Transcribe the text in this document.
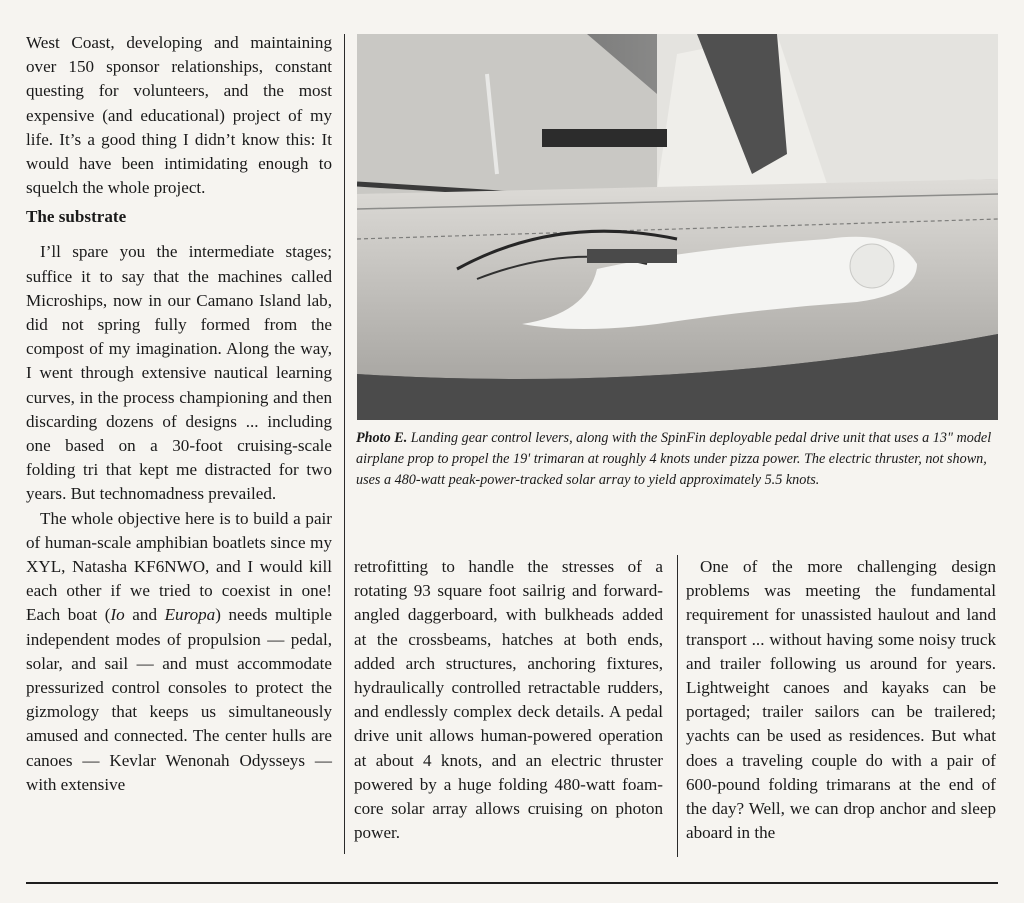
West Coast, developing and maintaining over 150 sponsor relationships, constant questing for volunteers, and the most expensive (and educational) project of my life. It’s a good thing I didn’t know this: It would have been intimidating enough to squelch the whole project.

The substrate

I’ll spare you the intermediate stages; suffice it to say that the machines called Microships, now in our Camano Island lab, did not spring fully formed from the compost of my imagination. Along the way, I went through extensive nautical learning curves, in the process championing and then discarding dozens of designs ... including one based on a 30-foot cruising-scale folding tri that kept me distracted for two years. But technomadness prevailed.

The whole objective here is to build a pair of human-scale amphibian boatlets since my XYL, Natasha KF6NWO, and I would kill each other if we tried to coexist in one! Each boat (Io and Europa) needs multiple independent modes of propulsion — pedal, solar, and sail — and must accommodate pressurized control consoles to protect the gizmology that keeps us simultaneously amused and connected. The center hulls are canoes — Kevlar Wenonah Odysseys — with extensive

Photo E. Landing gear control levers, along with the SpinFin deployable pedal drive unit that uses a 13" model airplane prop to propel the 19' trimaran at roughly 4 knots under pizza power. The electric thruster, not shown, uses a 480-watt peak-power-tracked solar array to yield approximately 5.5 knots.

retrofitting to handle the stresses of a rotating 93 square foot sailrig and forward-angled daggerboard, with bulkheads added at the crossbeams, hatches at both ends, added arch structures, anchoring fixtures, hydraulically controlled retractable rudders, and endlessly complex deck details. A pedal drive unit allows human-powered operation at about 4 knots, and an electric thruster powered by a huge folding 480-watt foam-core solar array allows cruising on photon power.

One of the more challenging design problems was meeting the fundamental requirement for unassisted haulout and land transport ... without having some noisy truck and trailer following us around for years. Lightweight canoes and kayaks can be portaged; trailer sailors can be trailered; yachts can be used as residences. But what does a traveling couple do with a pair of 600-pound folding trimarans at the end of the day? Well, we can drop anchor and sleep aboard in the
